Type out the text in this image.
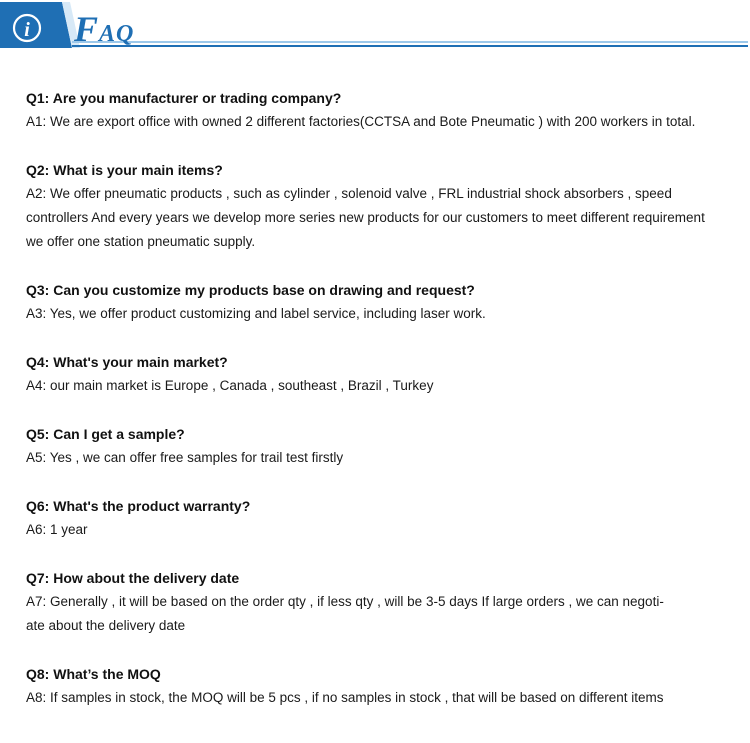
i FAQ
Q1: Are you manufacturer or trading company?
A1: We are export office with owned 2 different factories(CCTSA and Bote Pneumatic ) with 200 workers in total.
Q2: What is your main items?
A2: We offer pneumatic products , such as cylinder , solenoid valve , FRL industrial shock absorbers , speed
controllers And every years we develop more series new products for our customers to meet different requirement
we offer one station pneumatic supply.
Q3: Can you customize my products base on drawing and request?
A3: Yes, we offer product customizing and label service, including laser work.
Q4: What's your main market?
A4: our main market is Europe , Canada , southeast , Brazil , Turkey
Q5: Can I get a sample?
A5: Yes , we can offer free samples for trail test firstly
Q6: What's the product warranty?
A6: 1 year
Q7: How about the delivery date
A7: Generally , it will be based on the order qty , if less qty , will be 3-5 days If large orders , we can negoti-
ate about the delivery date
Q8: What’s the MOQ
A8: If samples in stock, the MOQ will be 5 pcs , if no samples in stock , that will be based on different items
